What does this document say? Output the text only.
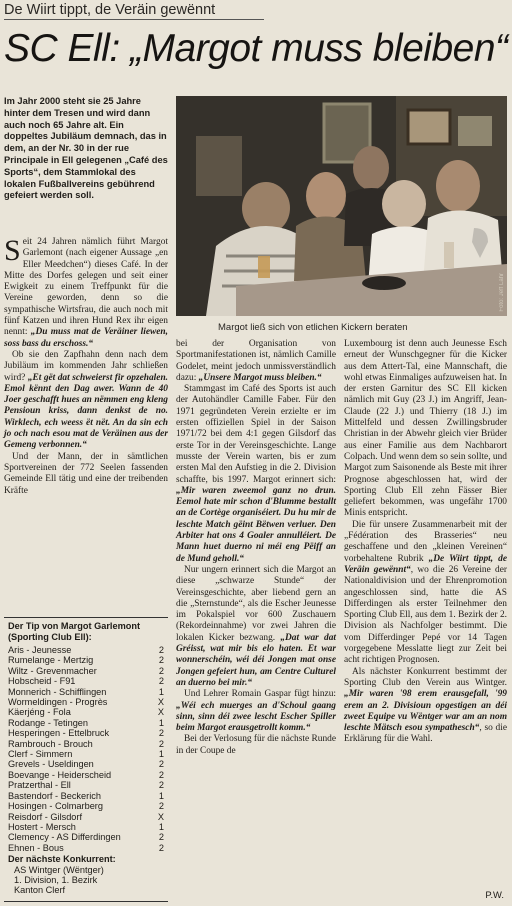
De Wiirt tippt, de Veräin gewënnt
SC Ell: „Margot muss bleiben“
Im Jahr 2000 steht sie 25 Jahre hinter dem Tresen und wird dann auch noch 65 Jahre alt. Ein doppeltes Jubiläum demnach, das in dem, an der Nr. 30 in der rue Principale in Ell gelegenen „Café des Sports“, dem Stammlokal des lokalen Fußballvereins gebührend gefeiert werden soll.
Foto: Jeff Lahr
Margot ließ sich von etlichen Kickern beraten

Seit 24 Jahren nämlich führt Margot Garlemont (nach eigener Aussage „en Eller Meedchen“) dieses Café. In der Mitte des Dorfes gelegen und seit einer Ewigkeit zu einem Treffpunkt für die Vereine geworden, denn so die sympathische Wirtsfrau, die auch noch mit fünf Katzen und ihren Hund Rex ihr eigen nennt: „Du muss mat de Veräiner liewen, soss bass du erschoss.“

Ob sie den Zapfhahn denn nach dem Jubiläum im kommenden Jahr schließen wird? „Et gët dat schweierst fir opzehalen. Emol kënnt den Dag awer. Wann de 40 Joer geschafft hues an nëmmen eng kleng Pensioun kriss, dann denkst de no. Wirklech, ech weess ët nët. An da sin ech jo och nach esou mat de Veräinen aus der Gemeng verbonnen.“

Und der Mann, der in sämtlichen Sportvereinen der 772 Seelen fassenden Gemeinde Ell tätig und eine der treibenden Kräfte

Der Tip von Margot Garlemont (Sporting Club Ell):
Aris - Jeunesse	2
Rumelange - Mertzig	2
Wiltz - Grevenmacher	2
Hobscheid - F91	2
Monnerich - Schifflingen	1
Wormeldingen - Progrès	X
Käerjéng - Fola	X
Rodange - Tetingen	1
Hesperingen - Ettelbruck	2
Rambrouch - Brouch	2
Clerf - Simmern	1
Grevels - Useldingen	2
Boevange - Heiderscheid	2
Pratzerthal - Ell	2
Bastendorf - Beckerich	1
Hosingen - Colmarberg	2
Reisdorf - Gilsdorf	X
Hostert - Mersch	1
Clemency - AS Differdingen	2
Ehnen - Bous	2
Der nächste Konkurrent:
AS Wintger (Wëntger)
1. Division, 1. Bezirk
Kanton Clerf

bei der Organisation von Sportmanifestationen ist, nämlich Camille Godelet, meint jedoch unmissverständlich dazu: „Unsere Margot muss bleiben.“

Stammgast im Café des Sports ist auch der Autohändler Camille Faber. Für den 1971 gegründeten Verein erzielte er im ersten offiziellen Spiel in der Saison 1971/72 bei dem 4:1 gegen Gilsdorf das erste Tor in der Vereinsgeschichte. Lange musste der Verein warten, bis er zum ersten Mal den Aufstieg in die 2. Division schaffte, bis 1997. Margot erinnert sich: „Mir waren zweemol ganz no drun. Eemol hate mir schon d'Blumme bestallt an de Cortège organiséiert. Du hu mir de leschte Match gëint Bëtwen verluer. Den Arbiter hat ons 4 Goaler annulléiert. De Mann huet duerno ni méi eng Pëiff an de Mund geholl.“

Nur ungern erinnert sich die Margot an diese „schwarze Stunde“ der Vereinsgeschichte, aber liebend gern an die „Sternstunde“, als die Escher Jeunesse im Pokalspiel vor 600 Zuschauern (Rekordeinnahme) vor zwei Jahren die lokalen Kicker bezwang. „Dat war dat Gréisst, wat mir bis elo haten. Et war wonnerschéin, wéi déi Jongen mat onse Jongen gefeiert hun, am Centre Culturel an duerno bei mir.“

Und Lehrer Romain Gaspar fügt hinzu: „Wéi ech muerges an d'Schoul gaang sinn, sinn déi zwee lescht Escher Spiller beim Margot erausgetrollt komm.“

Bei der Verlosung für die nächste Runde in der Coupe de

Luxembourg ist denn auch Jeunesse Esch erneut der Wunschgegner für die Kicker aus dem Attert-Tal, eine Mannschaft, die wohl etwas Einmaliges aufzuweisen hat. In der ersten Garnitur des SC Ell kicken nämlich mit Guy (23 J.) im Angriff, Jean-Claude (22 J.) und Thierry (18 J.) im Mittelfeld und dessen Zwillingsbruder Christian in der Abwehr gleich vier Brüder aus einer Familie aus dem Nachbarort Colpach. Und wenn dem so sein sollte, und Margot zum Saisonende als Beste mit ihrer Prognose abgeschlossen hat, wird der Sporting Club Ell zehn Fässer Bier geliefert bekommen, was ungefähr 1700 Minis entspricht.

Die für unsere Zusammenarbeit mit der „Fédération des Brasseries“ neu geschaffene und den „kleinen Vereinen“ vorbehaltene Rubrik „De Wiirt tippt, de Veräin gewënnt“, wo die 26 Vereine der Nationaldivision und der Ehrenpromotion angeschlossen sind, hatte die AS Differdingen als erster Teilnehmer den Sporting Club Ell, aus dem 1. Bezirk der 2. Division als Nachfolger bestimmt. Die vom Differdinger Pepé vor 14 Tagen vorgegebene Messlatte liegt zur Zeit bei acht richtigen Prognosen.

Als nächster Konkurrent bestimmt der Sporting Club den Verein aus Wintger. „Mir waren '98 erem erausgefall, '99 erem an 2. Divisioun opgestigen an déi zweet Equipe vu Wëntger war am an nom leschte Mätsch esou sympathesch“, so die Erklärung für die Wahl.

P.W.
